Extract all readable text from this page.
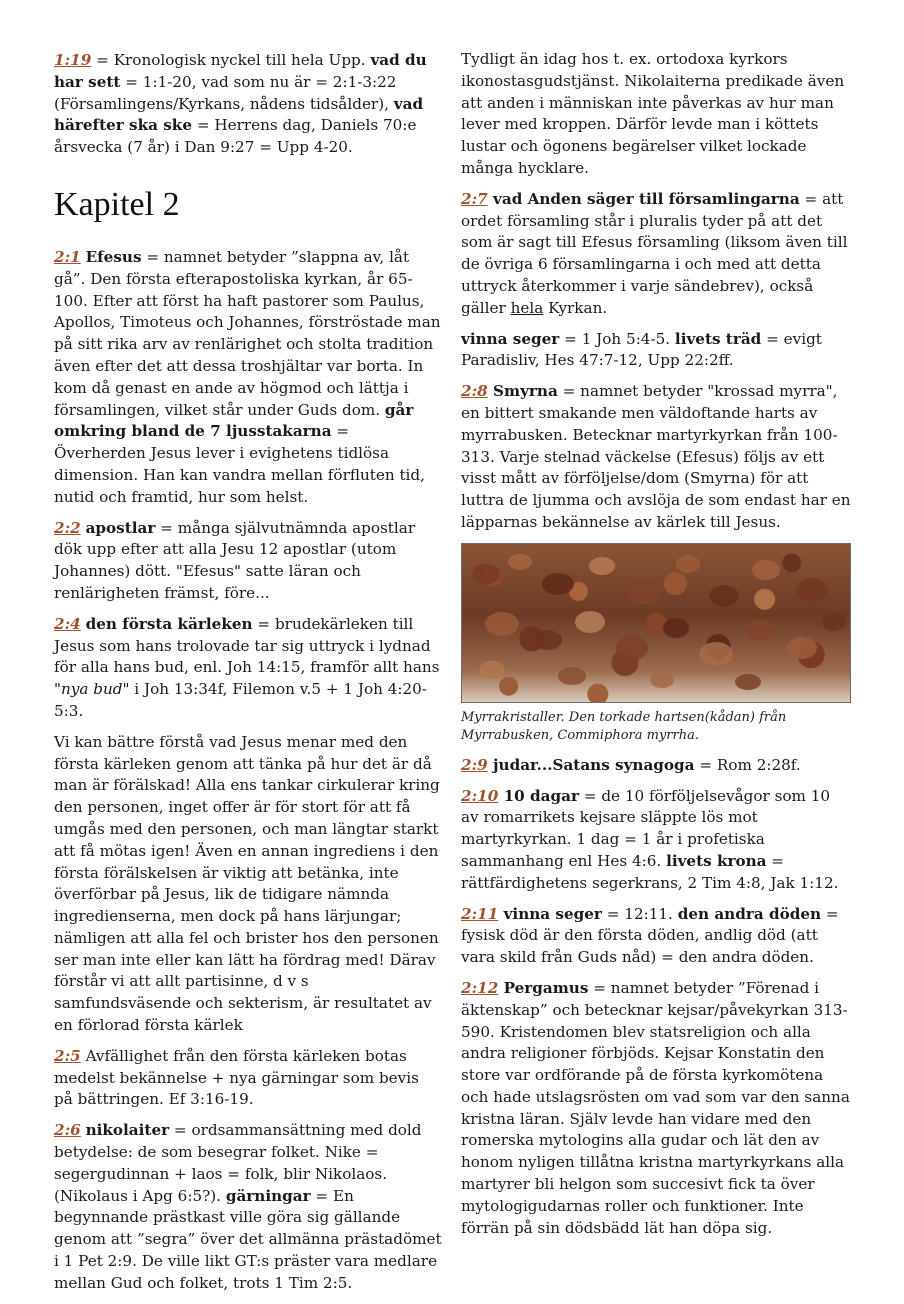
1:19 = Kronologisk nyckel till hela Upp. vad du har sett = 1:1-20, vad som nu är = 2:1-3:22 (Församlingens/Kyrkans, nådens tidsålder), vad härefter ska ske = Herrens dag, Daniels 70:e årsvecka (7 år) i Dan 9:27 = Upp 4-20.

Kapitel 2

2:1 Efesus = namnet betyder ”slappna av, låt gå”. Den första efterapostoliska kyrkan, år 65-100. Efter att först ha haft pastorer som Paulus, Apollos, Timoteus och Johannes, förströstade man på sitt rika arv av renlärighet och stolta tradition även efter det att dessa troshjältar var borta. In kom då genast en ande av högmod och lättja i församlingen, vilket står under Guds dom. går omkring bland de 7 ljusstakarna = Överherden Jesus lever i evighetens tidlösa dimension. Han kan vandra mellan förfluten tid, nutid och framtid, hur som helst.

2:2 apostlar = många självutnämnda apostlar dök upp efter att alla Jesu 12 apostlar (utom Johannes) dött. "Efesus" satte läran och renlärigheten främst, före...

2:4 den första kärleken = brudekärleken till Jesus som hans trolovade tar sig uttryck i lydnad för alla hans bud, enl. Joh 14:15, framför allt hans "nya bud" i Joh 13:34f, Filemon v.5 + 1 Joh 4:20-5:3.

Vi kan bättre förstå vad Jesus menar med den första kärleken genom att tänka på hur det är då man är förälskad! Alla ens tankar cirkulerar kring den personen, inget offer är för stort för att få umgås med den personen, och man längtar starkt att få mötas igen! Även en annan ingrediens i den första förälskelsen är viktig att betänka, inte överförbar på Jesus, lik de tidigare nämnda ingredienserna, men dock på hans lärjungar; nämligen att alla fel och brister hos den personen ser man inte eller kan lätt ha fördrag med! Därav förstår vi att allt partisinne, d v s samfundsväsende och sekterism, är resultatet av en förlorad första kärlek

2:5 Avfällighet från den första kärleken botas medelst bekännelse + nya gärningar som bevis på bättringen. Ef 3:16-19.

2:6 nikolaiter = ordsammansättning med dold betydelse: de som besegrar folket. Nike = segergudinnan + laos = folk, blir Nikolaos. (Nikolaus i Apg 6:5?). gärningar = En begynnande prästkast ville göra sig gällande genom att ”segra” över det allmänna prästadömet i 1 Pet 2:9. De ville likt GT:s präster vara medlare mellan Gud och folket, trots 1 Tim 2:5.

Tydligt än idag hos t. ex. ortodoxa kyrkors ikonostasgudstjänst. Nikolaiterna predikade även att anden i människan inte påverkas av hur man lever med kroppen. Därför levde man i köttets lustar och ögonens begärelser vilket lockade många hycklare.

2:7 vad Anden säger till församlingarna = att ordet församling står i pluralis tyder på att det som är sagt till Efesus församling (liksom även till de övriga 6 församlingarna i och med att detta uttryck återkommer i varje sändebrev), också gäller hela Kyrkan.

vinna seger = 1 Joh 5:4-5. livets träd = evigt Paradisliv, Hes 47:7-12, Upp 22:2ff.

2:8 Smyrna = namnet betyder "krossad myrra", en bittert smakande men väldoftande harts av myrrabusken. Betecknar martyrkyrkan från 100-313. Varje stelnad väckelse (Efesus) följs av ett visst mått av förföljelse/dom (Smyrna) för att luttra de ljumma och avslöja de som endast har en läpparnas bekännelse av kärlek till Jesus.

Myrrakristaller. Den torkade hartsen(kådan) från Myrrabusken, Commiphora myrrha.

2:9 judar...Satans synagoga = Rom 2:28f.

2:10 10 dagar = de 10 förföljelsevågor som 10 av romarrikets kejsare släppte lös mot martyrkyrkan. 1 dag = 1 år i profetiska sammanhang enl Hes 4:6. livets krona = rättfärdighetens segerkrans, 2 Tim 4:8, Jak 1:12.

2:11 vinna seger = 12:11. den andra döden = fysisk död är den första döden, andlig död (att vara skild från Guds nåd) = den andra döden.

2:12 Pergamus = namnet betyder ”Förenad i äktenskap” och betecknar kejsar/påvekyrkan 313-590. Kristendomen blev statsreligion och alla andra religioner förbjöds. Kejsar Konstatin den store var ordförande på de första kyrkomötena och hade utslagsrösten om vad som var den sanna kristna läran. Själv levde han vidare med den romerska mytologins alla gudar och lät den av honom nyligen tillåtna kristna martyrkyrkans alla martyrer bli helgon som succesivt fick ta över mytologigudarnas roller och funktioner. Inte förrän på sin dödsbädd lät han döpa sig.
